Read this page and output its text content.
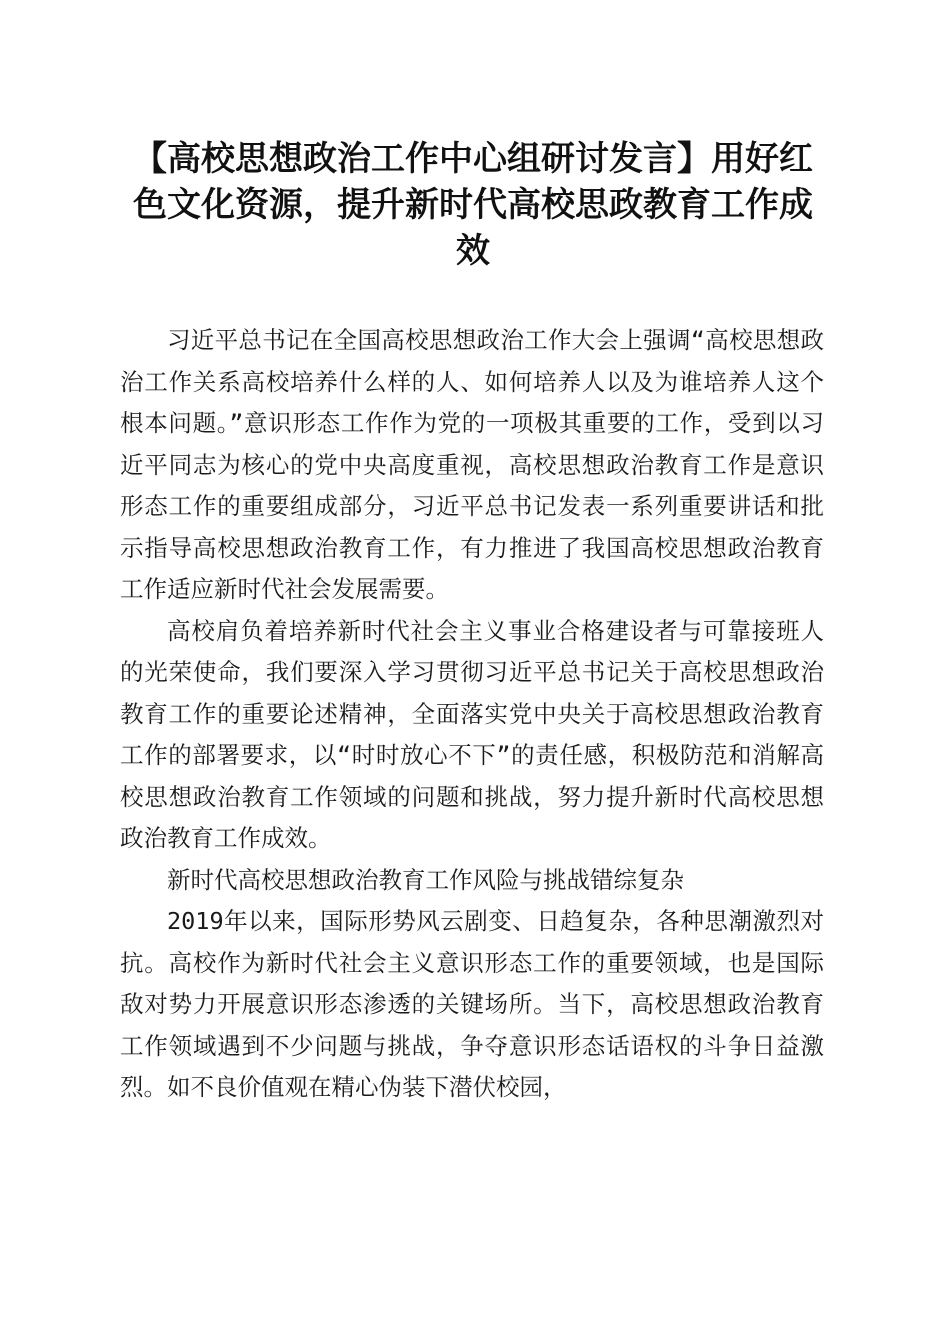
【高校思想政治工作中心组研讨发言】用好红色文化资源，提升新时代高校思政教育工作成效

习近平总书记在全国高校思想政治工作大会上强调“高校思想政治工作关系高校培养什么样的人、如何培养人以及为谁培养人这个根本问题。”意识形态工作作为党的一项极其重要的工作，受到以习近平同志为核心的党中央高度重视，高校思想政治教育工作是意识形态工作的重要组成部分，习近平总书记发表一系列重要讲话和批示指导高校思想政治教育工作，有力推进了我国高校思想政治教育工作适应新时代社会发展需要。

高校肩负着培养新时代社会主义事业合格建设者与可靠接班人的光荣使命，我们要深入学习贯彻习近平总书记关于高校思想政治教育工作的重要论述精神，全面落实党中央关于高校思想政治教育工作的部署要求，以“时时放心不下”的责任感，积极防范和消解高校思想政治教育工作领域的问题和挑战，努力提升新时代高校思想政治教育工作成效。

新时代高校思想政治教育工作风险与挑战错综复杂

2019年以来，国际形势风云剧变、日趋复杂，各种思潮激烈对抗。高校作为新时代社会主义意识形态工作的重要领域，也是国际敌对势力开展意识形态渗透的关键场所。当下，高校思想政治教育工作领域遇到不少问题与挑战，争夺意识形态话语权的斗争日益激烈。如不良价值观在精心伪装下潜伏校园，
